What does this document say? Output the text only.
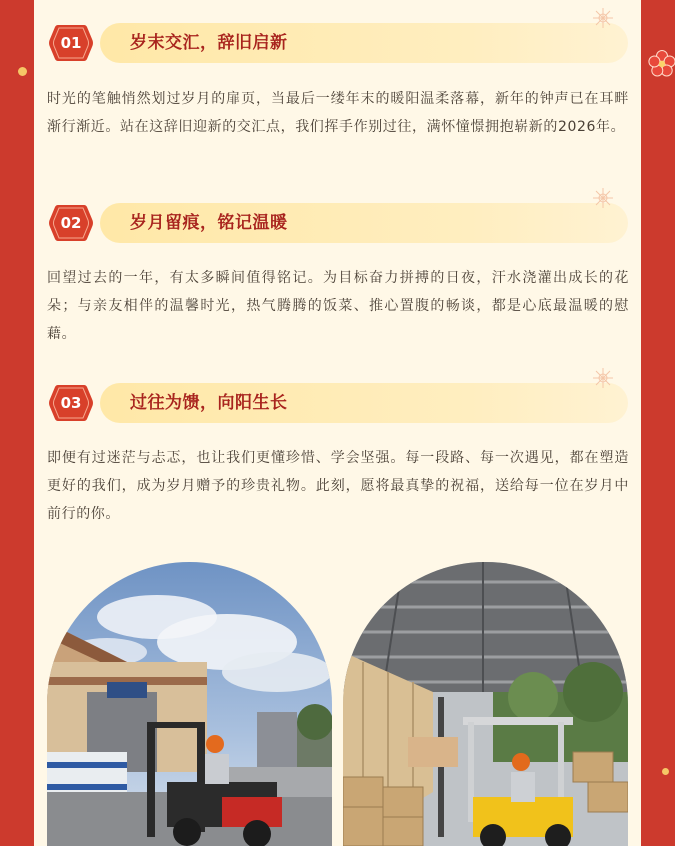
01	岁末交汇，辞旧启新
时光的笔触悄然划过岁月的扉页，当最后一缕年末的暖阳温柔落幕，新年的钟声已在耳畔渐行渐近。站在这辞旧迎新的交汇点，我们挥手作别过往，满怀憧憬拥抱崭新的2026年。
02	岁月留痕，铭记温暖
回望过去的一年，有太多瞬间值得铭记。为目标奋力拼搏的日夜，汗水浇灌出成长的花朵；与亲友相伴的温馨时光，热气腾腾的饭菜、推心置腹的畅谈，都是心底最温暖的慰藉。
03	过往为馈，向阳生长
即便有过迷茫与忐忑，也让我们更懂珍惜、学会坚强。每一段路、每一次遇见，都在塑造更好的我们，成为岁月赠予的珍贵礼物。此刻，愿将最真挚的祝福，送给每一位在岁月中前行的你。
